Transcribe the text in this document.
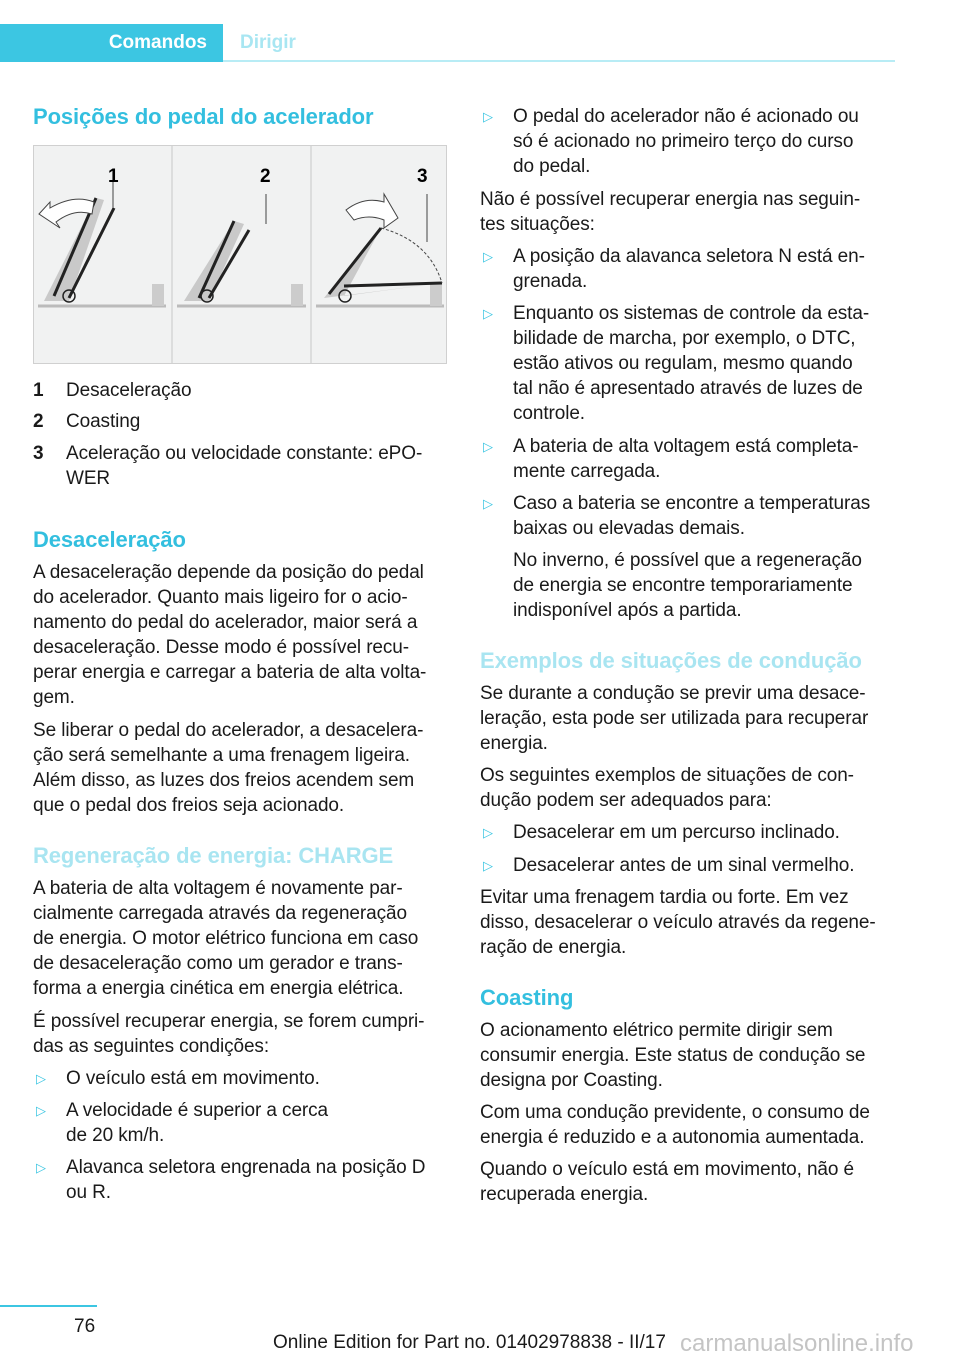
Comandos	Dirigir
1	2	3
Posições do pedal do acelerador
1 Desaceleração
2 Coasting
3 Aceleração ou velocidade constante: ePO-
WER
Desaceleração
A desaceleração depende da posição do pedal
do acelerador. Quanto mais ligeiro for o acio-
namento do pedal do acelerador, maior será a
desaceleração. Desse modo é possível recu-
perar energia e carregar a bateria de alta volta-
gem.
Se liberar o pedal do acelerador, a desacelera-
ção será semelhante a uma frenagem ligeira.
Além disso, as luzes dos freios acendem sem
que o pedal dos freios seja acionado.
Regeneração de energia: CHARGE
A bateria de alta voltagem é novamente par-
cialmente carregada através da regeneração
de energia. O motor elétrico funciona em caso
de desaceleração como um gerador e trans-
forma a energia cinética em energia elétrica.
É possível recuperar energia, se forem cumpri-
das as seguintes condições:
▷ O veículo está em movimento.
▷ A velocidade é superior a cerca
de 20 km/h.
▷ Alavanca seletora engrenada na posição D
ou R.
▷ O pedal do acelerador não é acionado ou
só é acionado no primeiro terço do curso
do pedal.
Não é possível recuperar energia nas seguin-
tes situações:
▷ A posição da alavanca seletora N está en-
grenada.
▷ Enquanto os sistemas de controle da esta-
bilidade de marcha, por exemplo, o DTC,
estão ativos ou regulam, mesmo quando
tal não é apresentado através de luzes de
controle.
▷ A bateria de alta voltagem está completa-
mente carregada.
▷ Caso a bateria se encontre a temperaturas
baixas ou elevadas demais.
No inverno, é possível que a regeneração
de energia se encontre temporariamente
indisponível após a partida.
Exemplos de situações de condução
Se durante a condução se previr uma desace-
leração, esta pode ser utilizada para recuperar
energia.
Os seguintes exemplos de situações de con-
dução podem ser adequados para:
▷ Desacelerar em um percurso inclinado.
▷ Desacelerar antes de um sinal vermelho.
Evitar uma frenagem tardia ou forte. Em vez
disso, desacelerar o veículo através da regene-
ração de energia.
Coasting
O acionamento elétrico permite dirigir sem
consumir energia. Este status de condução se
designa por Coasting.
Com uma condução previdente, o consumo de
energia é reduzido e a autonomia aumentada.
Quando o veículo está em movimento, não é
recuperada energia.
76
Online Edition for Part no. 01402978838 - II/17 carmanualsonline.info
